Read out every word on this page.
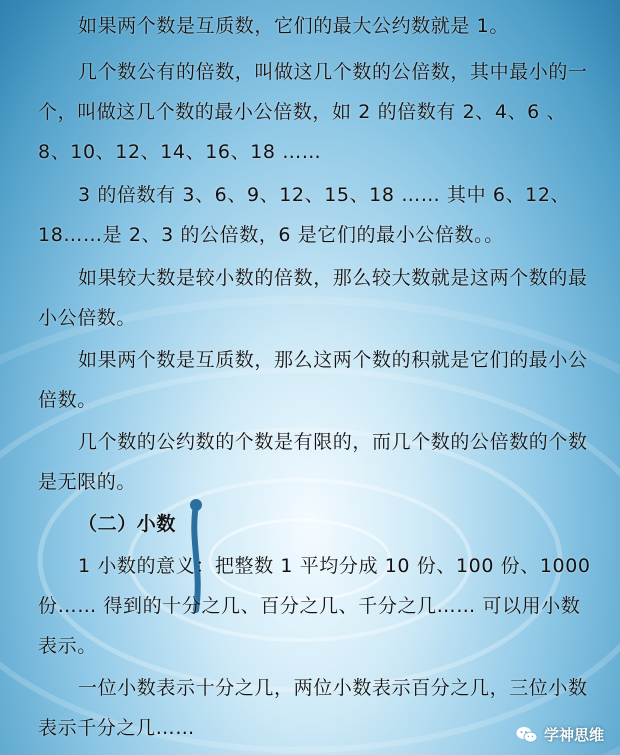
如果两个数是互质数，它们的最大公约数就是 1。

几个数公有的倍数，叫做这几个数的公倍数，其中最小的一个，叫做这几个数的最小公倍数，如 2 的倍数有 2、4、6 、8、10、12、14、16、18 ……

3 的倍数有 3、6、9、12、15、18 …… 其中 6、12、18……是 2、3 的公倍数，6 是它们的最小公倍数。。

如果较大数是较小数的倍数，那么较大数就是这两个数的最小公倍数。

如果两个数是互质数，那么这两个数的积就是它们的最小公倍数。

几个数的公约数的个数是有限的，而几个数的公倍数的个数是无限的。

（二）小数

1 小数的意义：把整数 1 平均分成 10 份、100 份、1000 份…… 得到的十分之几、百分之几、千分之几…… 可以用小数表示。

一位小数表示十分之几，两位小数表示百分之几，三位小数表示千分之几……	学神思维
